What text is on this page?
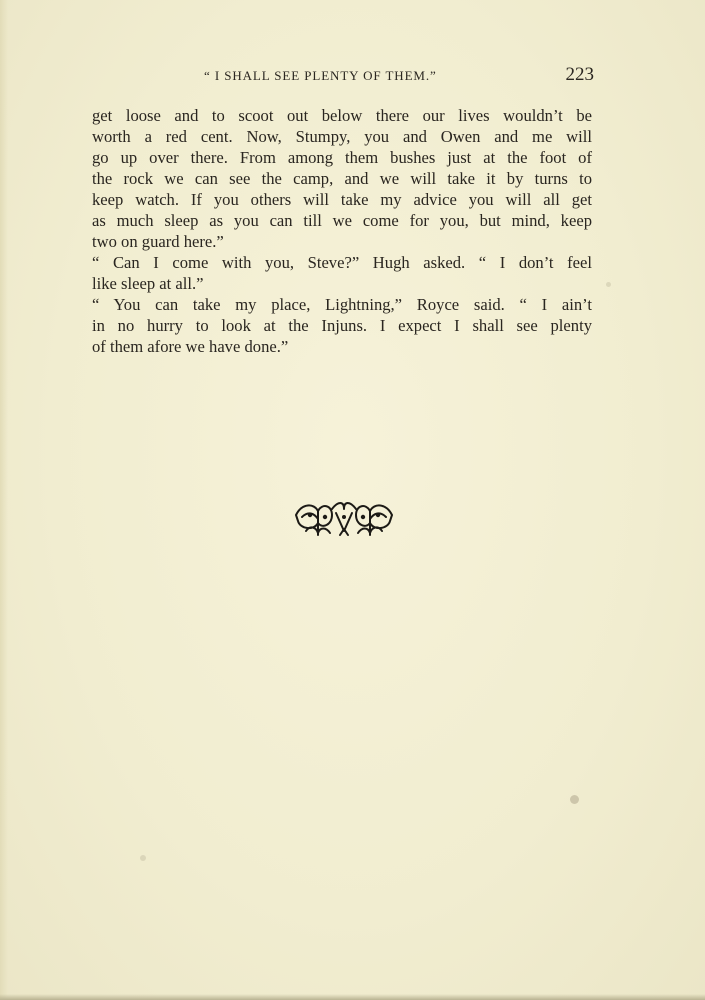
“ I SHALL SEE PLENTY OF THEM.”	223
get loose and to scoot out below there our lives wouldn’t be
worth a red cent. Now, Stumpy, you and Owen and me will
go up over there. From among them bushes just at the foot of
the rock we can see the camp, and we will take it by turns to
keep watch. If you others will take my advice you will all get
as much sleep as you can till we come for you, but mind, keep
two on guard here.”
“ Can I come with you, Steve?” Hugh asked. “ I don’t feel
like sleep at all.”
“ You can take my place, Lightning,” Royce said. “ I ain’t
in no hurry to look at the Injuns. I expect I shall see plenty
of them afore we have done.”
